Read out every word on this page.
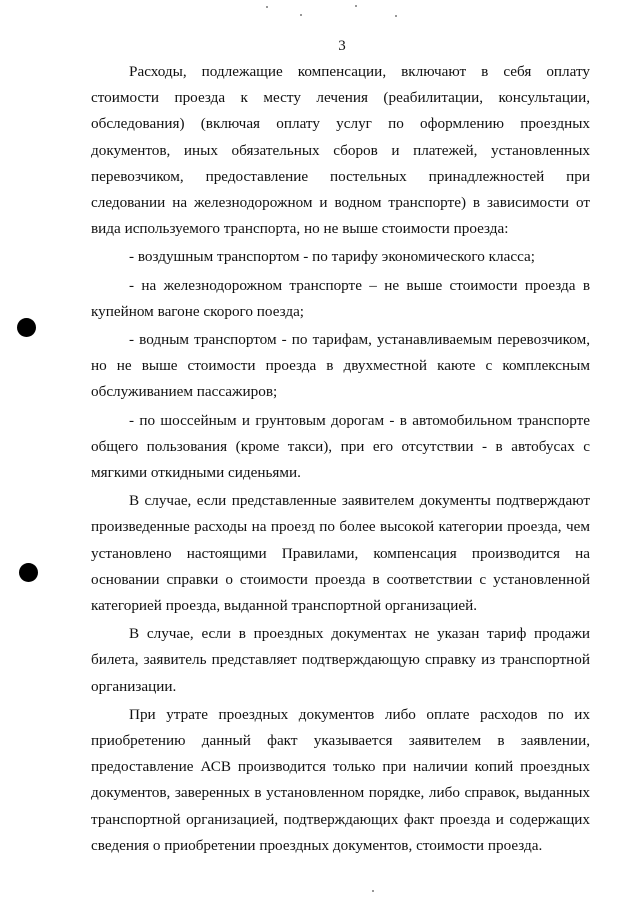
3

Расходы, подлежащие компенсации, включают в себя оплату стоимости проезда к месту лечения (реабилитации, консультации, обследования) (включая оплату услуг по оформлению проездных документов, иных обязательных сборов и платежей, установленных перевозчиком, предоставление постельных принадлежностей при следовании на железнодорожном и водном транспорте) в зависимости от вида используемого транспорта, но не выше стоимости проезда:

- воздушным транспортом - по тарифу экономического класса;

- на железнодорожном транспорте – не выше стоимости проезда в купейном вагоне скорого поезда;

- водным транспортом - по тарифам, устанавливаемым перевозчиком, но не выше стоимости проезда в двухместной каюте с комплексным обслуживанием пассажиров;

- по шоссейным и грунтовым дорогам - в автомобильном транспорте общего пользования (кроме такси), при его отсутствии - в автобусах с мягкими откидными сиденьями.

В случае, если представленные заявителем документы подтверждают произведенные расходы на проезд по более высокой категории проезда, чем установлено настоящими Правилами, компенсация производится на основании справки о стоимости проезда в соответствии с установленной категорией проезда, выданной транспортной организацией.

В случае, если в проездных документах не указан тариф продажи билета, заявитель представляет подтверждающую справку из транспортной организации.

При утрате проездных документов либо оплате расходов по их приобретению данный факт указывается заявителем в заявлении, предоставление АСВ производится только при наличии копий проездных документов, заверенных в установленном порядке, либо справок, выданных транспортной организацией, подтверждающих факт проезда и содержащих сведения о приобретении проездных документов, стоимости проезда.
